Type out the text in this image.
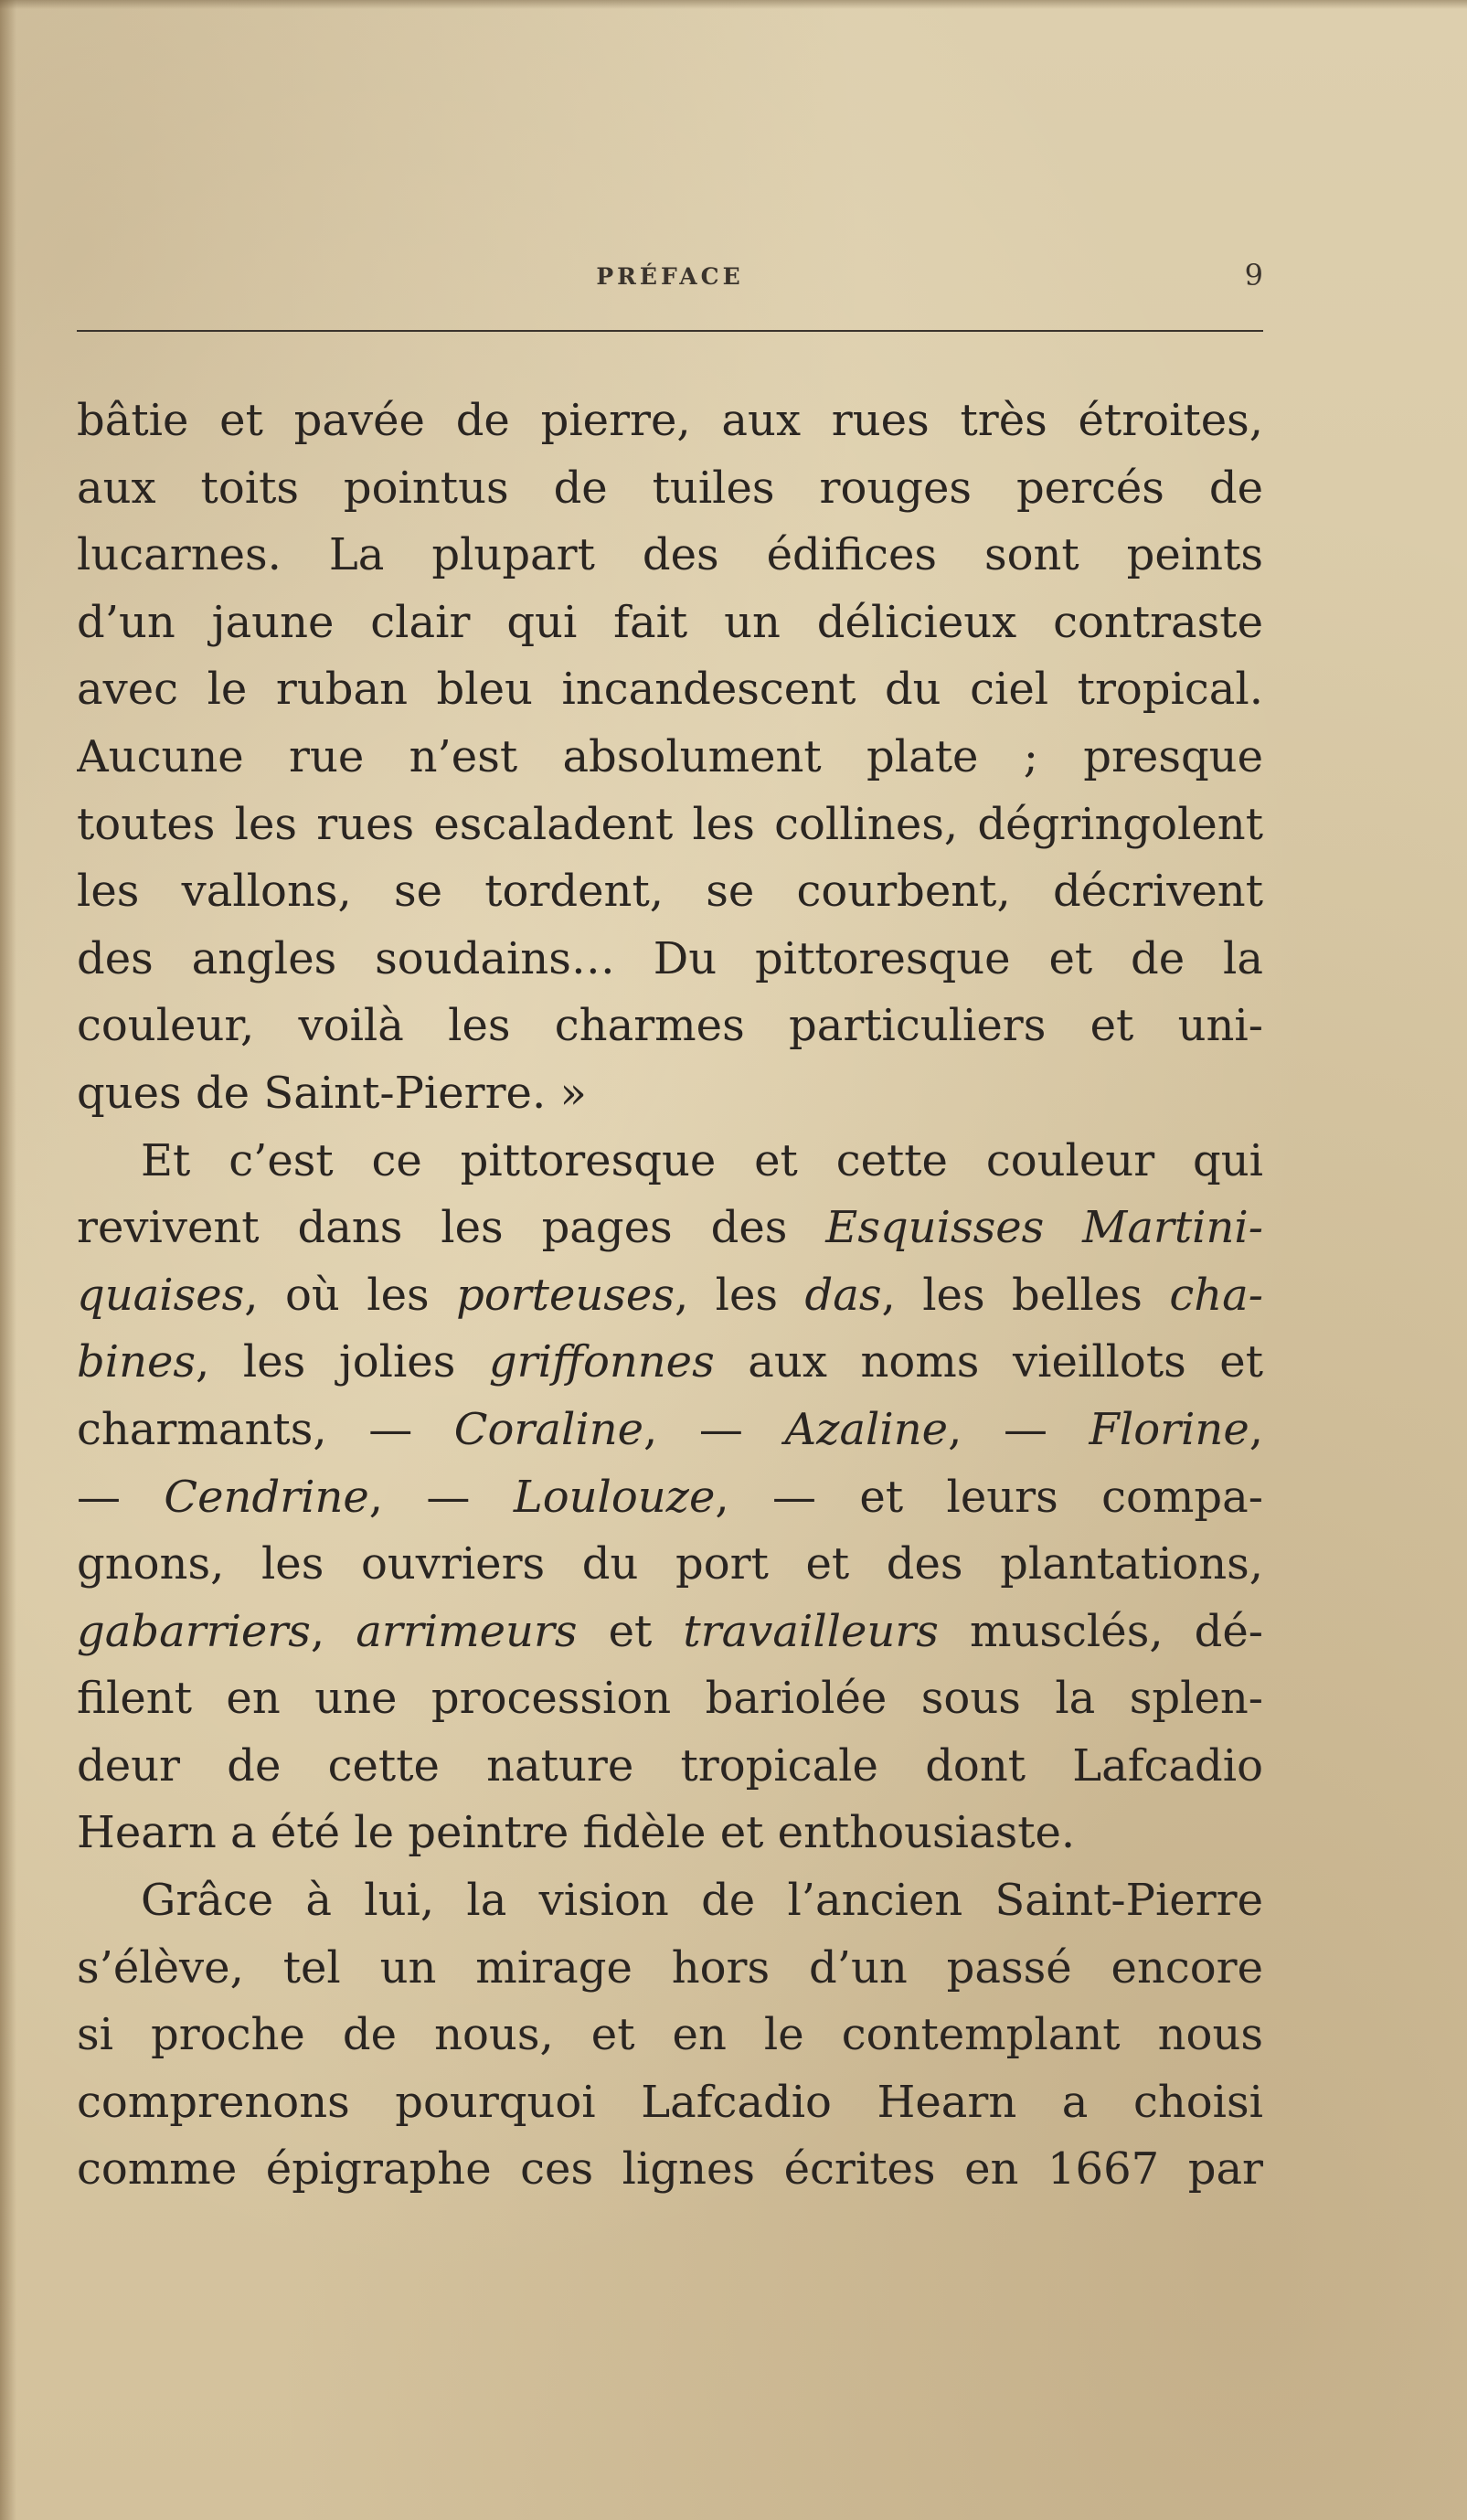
PRÉFACE	9
bâtie et pavée de pierre, aux rues très étroites,
aux toits pointus de tuiles rouges percés de
lucarnes. La plupart des édifices sont peints
d’un jaune clair qui fait un délicieux contraste
avec le ruban bleu incandescent du ciel tropical.
Aucune rue n’est absolument plate ; presque
toutes les rues escaladent les collines, dégringolent
les vallons, se tordent, se courbent, décrivent
des angles soudains… Du pittoresque et de la
couleur, voilà les charmes particuliers et uni-
ques de Saint-Pierre. »
Et c’est ce pittoresque et cette couleur qui
revivent dans les pages des Esquisses Martini-
quaises, où les porteuses, les das, les belles cha-
bines, les jolies griffonnes aux noms vieillots et
charmants, — Coraline, — Azaline, — Florine,
— Cendrine, — Loulouze, — et leurs compa-
gnons, les ouvriers du port et des plantations,
gabarriers, arrimeurs et travailleurs musclés, dé-
filent en une procession bariolée sous la splen-
deur de cette nature tropicale dont Lafcadio
Hearn a été le peintre fidèle et enthousiaste.
Grâce à lui, la vision de l’ancien Saint-Pierre
s’élève, tel un mirage hors d’un passé encore
si proche de nous, et en le contemplant nous
comprenons pourquoi Lafcadio Hearn a choisi
comme épigraphe ces lignes écrites en 1667 par
